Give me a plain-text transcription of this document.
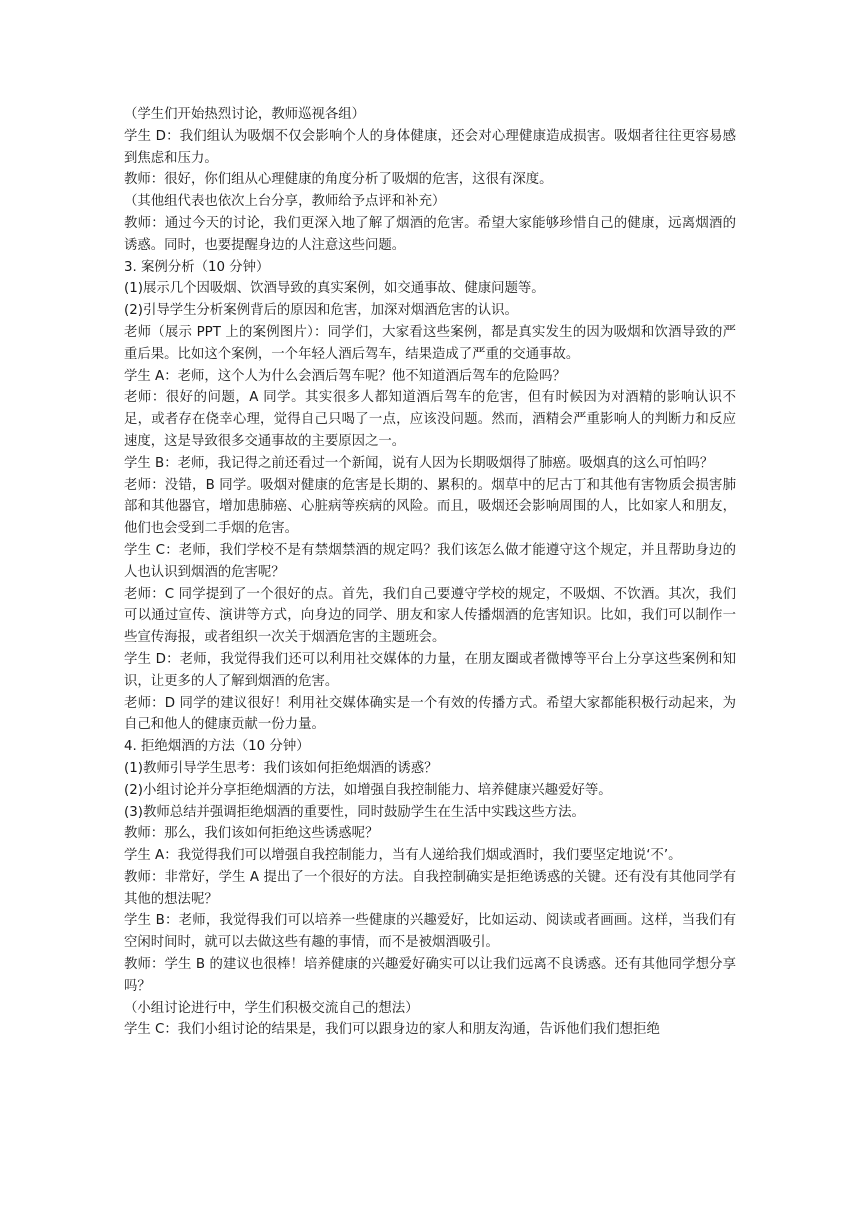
（学生们开始热烈讨论，教师巡视各组）

学生 D：我们组认为吸烟不仅会影响个人的身体健康，还会对心理健康造成损害。吸烟者往往更容易感到焦虑和压力。

教师：很好，你们组从心理健康的角度分析了吸烟的危害，这很有深度。

（其他组代表也依次上台分享，教师给予点评和补充）

教师：通过今天的讨论，我们更深入地了解了烟酒的危害。希望大家能够珍惜自己的健康，远离烟酒的诱惑。同时，也要提醒身边的人注意这些问题。

3. 案例分析（10 分钟）

(1)展示几个因吸烟、饮酒导致的真实案例，如交通事故、健康问题等。

(2)引导学生分析案例背后的原因和危害，加深对烟酒危害的认识。

老师（展示 PPT 上的案例图片）：同学们，大家看这些案例，都是真实发生的因为吸烟和饮酒导致的严重后果。比如这个案例，一个年轻人酒后驾车，结果造成了严重的交通事故。

学生 A：老师，这个人为什么会酒后驾车呢？他不知道酒后驾车的危险吗？

老师：很好的问题，A 同学。其实很多人都知道酒后驾车的危害，但有时候因为对酒精的影响认识不足，或者存在侥幸心理，觉得自己只喝了一点，应该没问题。然而，酒精会严重影响人的判断力和反应速度，这是导致很多交通事故的主要原因之一。

学生 B：老师，我记得之前还看过一个新闻，说有人因为长期吸烟得了肺癌。吸烟真的这么可怕吗？

老师：没错，B 同学。吸烟对健康的危害是长期的、累积的。烟草中的尼古丁和其他有害物质会损害肺部和其他器官，增加患肺癌、心脏病等疾病的风险。而且，吸烟还会影响周围的人，比如家人和朋友，他们也会受到二手烟的危害。

学生 C：老师，我们学校不是有禁烟禁酒的规定吗？我们该怎么做才能遵守这个规定，并且帮助身边的人也认识到烟酒的危害呢？

老师：C 同学提到了一个很好的点。首先，我们自己要遵守学校的规定，不吸烟、不饮酒。其次，我们可以通过宣传、演讲等方式，向身边的同学、朋友和家人传播烟酒的危害知识。比如，我们可以制作一些宣传海报，或者组织一次关于烟酒危害的主题班会。

学生 D：老师，我觉得我们还可以利用社交媒体的力量，在朋友圈或者微博等平台上分享这些案例和知识，让更多的人了解到烟酒的危害。

老师：D 同学的建议很好！利用社交媒体确实是一个有效的传播方式。希望大家都能积极行动起来，为自己和他人的健康贡献一份力量。

4. 拒绝烟酒的方法（10 分钟）

(1)教师引导学生思考：我们该如何拒绝烟酒的诱惑？

(2)小组讨论并分享拒绝烟酒的方法，如增强自我控制能力、培养健康兴趣爱好等。

(3)教师总结并强调拒绝烟酒的重要性，同时鼓励学生在生活中实践这些方法。

教师：那么，我们该如何拒绝这些诱惑呢？

学生 A：我觉得我们可以增强自我控制能力，当有人递给我们烟或酒时，我们要坚定地说‘不’。

教师：非常好，学生 A 提出了一个很好的方法。自我控制确实是拒绝诱惑的关键。还有没有其他同学有其他的想法呢？

学生 B：老师，我觉得我们可以培养一些健康的兴趣爱好，比如运动、阅读或者画画。这样，当我们有空闲时间时，就可以去做这些有趣的事情，而不是被烟酒吸引。

教师：学生 B 的建议也很棒！培养健康的兴趣爱好确实可以让我们远离不良诱惑。还有其他同学想分享吗？

（小组讨论进行中，学生们积极交流自己的想法）

学生 C：我们小组讨论的结果是，我们可以跟身边的家人和朋友沟通，告诉他们我们想拒绝
